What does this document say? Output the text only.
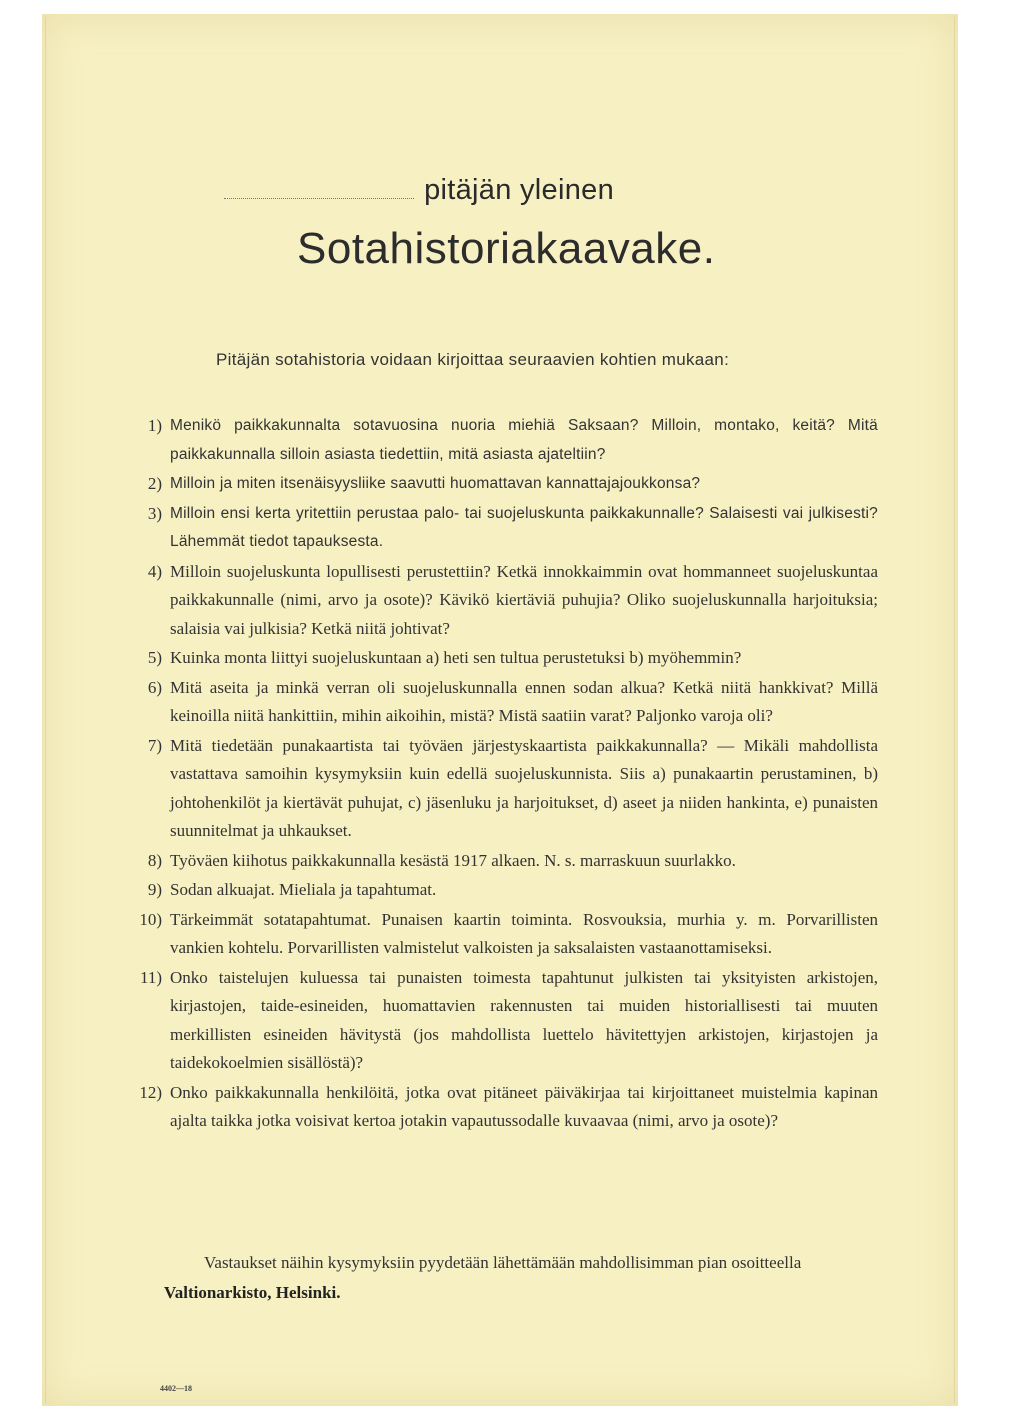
pitäjän yleinen
Sotahistoriakaavake.

Pitäjän sotahistoria voidaan kirjoittaa seuraavien kohtien mukaan:

1) Menikö paikkakunnalta sotavuosina nuoria miehiä Saksaan? Milloin, montako, keitä? Mitä paikkakunnalla silloin asiasta tiedettiin, mitä asiasta ajateltiin?
2) Milloin ja miten itsenäisyysliike saavutti huomattavan kannattajajoukkonsa?
3) Milloin ensi kerta yritettiin perustaa palo- tai suojeluskunta paikkakunnalle? Salaisesti vai julkisesti? Lähemmät tiedot tapauksesta.
4) Milloin suojeluskunta lopullisesti perustettiin? Ketkä innokkaimmin ovat hommanneet suojeluskuntaa paikkakunnalle (nimi, arvo ja osote)? Kävikö kiertäviä puhujia? Oliko suojeluskunnalla harjoituksia; salaisia vai julkisia? Ketkä niitä johtivat?
5) Kuinka monta liittyi suojeluskuntaan a) heti sen tultua perustetuksi b) myöhemmin?
6) Mitä aseita ja minkä verran oli suojeluskunnalla ennen sodan alkua? Ketkä niitä hankkivat? Millä keinoilla niitä hankittiin, mihin aikoihin, mistä? Mistä saatiin varat? Paljonko varoja oli?
7) Mitä tiedetään punakaartista tai työväen järjestyskaartista paikkakunnalla? — Mikäli mahdollista vastattava samoihin kysymyksiin kuin edellä suojeluskunnista. Siis a) punakaartin perustaminen, b) johtohenkilöt ja kiertävät puhujat, c) jäsenluku ja harjoitukset, d) aseet ja niiden hankinta, e) punaisten suunnitelmat ja uhkaukset.
8) Työväen kiihotus paikkakunnalla kesästä 1917 alkaen. N. s. marraskuun suurlakko.
9) Sodan alkuajat. Mieliala ja tapahtumat.
10) Tärkeimmät sotatapahtumat. Punaisen kaartin toiminta. Rosvouksia, murhia y. m. Porvarillisten vankien kohtelu. Porvarillisten valmistelut valkoisten ja saksalaisten vastaanottamiseksi.
11) Onko taistelujen kuluessa tai punaisten toimesta tapahtunut julkisten tai yksityisten arkistojen, kirjastojen, taide-esineiden, huomattavien rakennusten tai muiden historiallisesti tai muuten merkillisten esineiden hävitystä (jos mahdollista luettelo hävitettyjen arkistojen, kirjastojen ja taidekokoelmien sisällöstä)?
12) Onko paikkakunnalla henkilöitä, jotka ovat pitäneet päiväkirjaa tai kirjoittaneet muistelmia kapinan ajalta taikka jotka voisivat kertoa jotakin vapautussodalle kuvaavaa (nimi, arvo ja osote)?

Vastaukset näihin kysymyksiin pyydetään lähettämään mahdollisimman pian osoitteella Valtionarkisto, Helsinki.

4402—18
